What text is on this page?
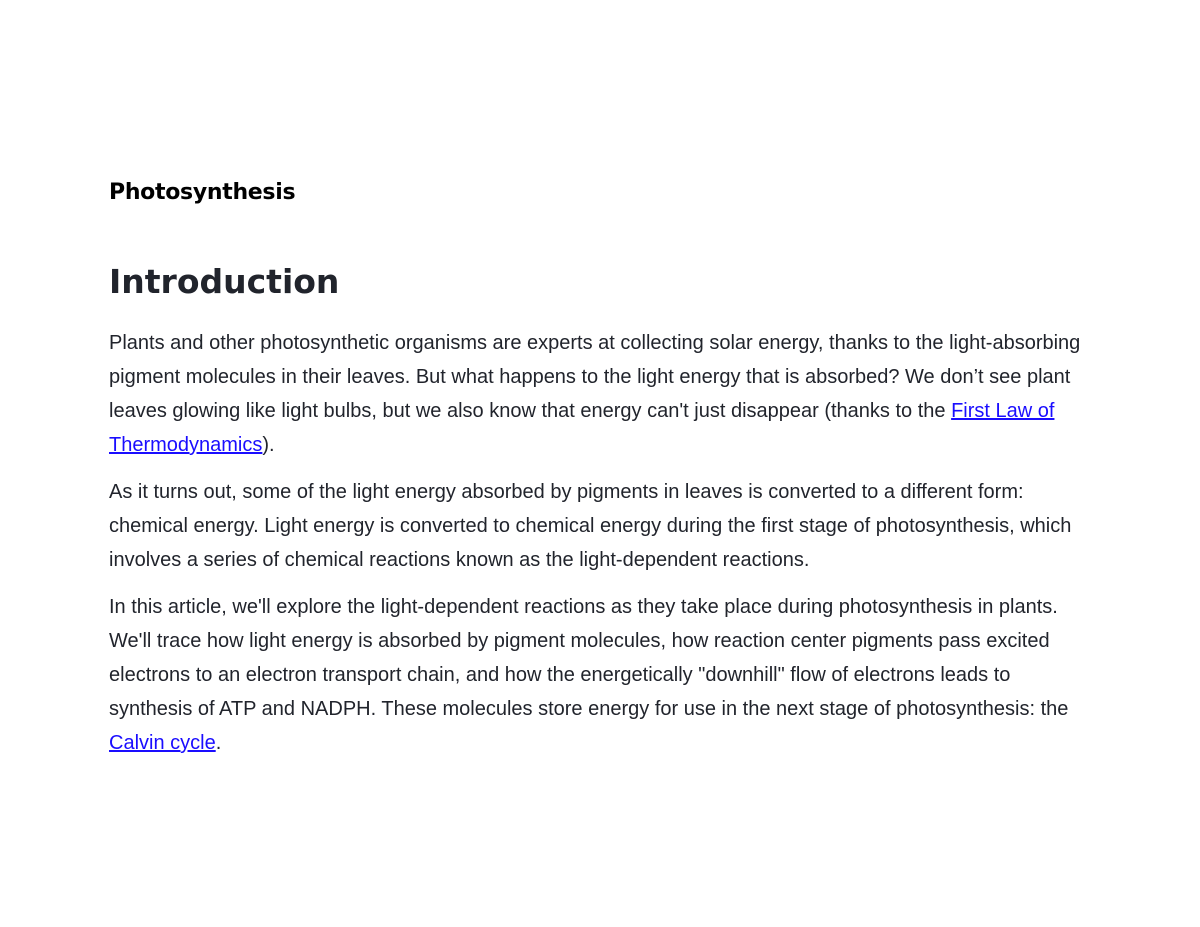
Photosynthesis
Introduction

Plants and other photosynthetic organisms are experts at collecting solar energy, thanks to the light-absorbing pigment molecules in their leaves. But what happens to the light energy that is absorbed? We don’t see plant leaves glowing like light bulbs, but we also know that energy can't just disappear (thanks to the First Law of Thermodynamics).

As it turns out, some of the light energy absorbed by pigments in leaves is converted to a different form: chemical energy. Light energy is converted to chemical energy during the first stage of photosynthesis, which involves a series of chemical reactions known as the light-dependent reactions.

In this article, we'll explore the light-dependent reactions as they take place during photosynthesis in plants. We'll trace how light energy is absorbed by pigment molecules, how reaction center pigments pass excited electrons to an electron transport chain, and how the energetically "downhill" flow of electrons leads to synthesis of ATP and NADPH. These molecules store energy for use in the next stage of photosynthesis: the Calvin cycle.
